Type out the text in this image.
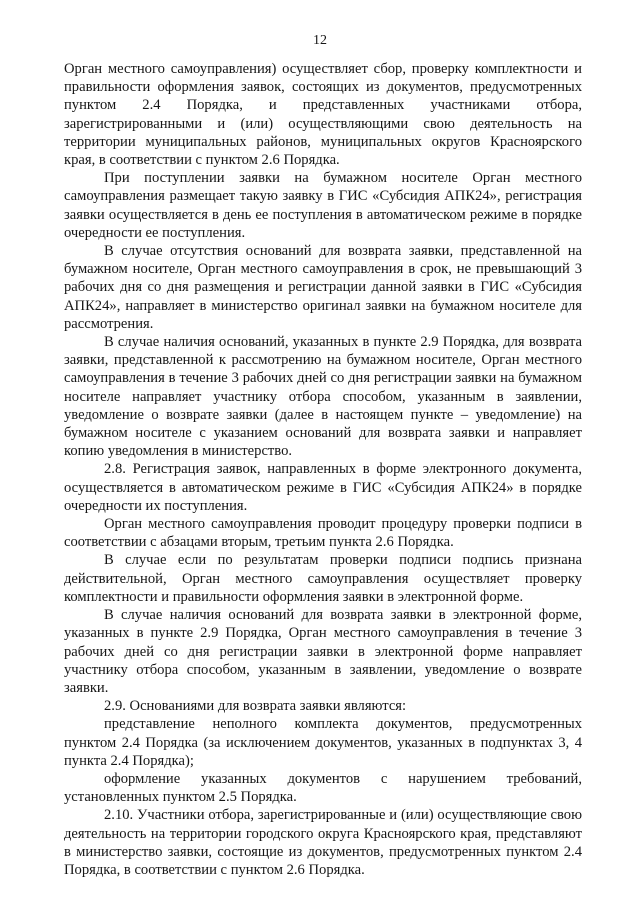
12

Орган местного самоуправления) осуществляет сбор, проверку комплектности и правильности оформления заявок, состоящих из документов, предусмотренных пунктом 2.4 Порядка, и представленных участниками отбора, зарегистрированными и (или) осуществляющими свою деятельность на территории муниципальных районов, муниципальных округов Красноярского края, в соответствии с пунктом 2.6 Порядка.

При поступлении заявки на бумажном носителе Орган местного самоуправления размещает такую заявку в ГИС «Субсидия АПК24», регистрация заявки осуществляется в день ее поступления в автоматическом режиме в порядке очередности ее поступления.

В случае отсутствия оснований для возврата заявки, представленной на бумажном носителе, Орган местного самоуправления в срок, не превышающий 3 рабочих дня со дня размещения и регистрации данной заявки в ГИС «Субсидия АПК24», направляет в министерство оригинал заявки на бумажном носителе для рассмотрения.

В случае наличия оснований, указанных в пункте 2.9 Порядка, для возврата заявки, представленной к рассмотрению на бумажном носителе, Орган местного самоуправления в течение 3 рабочих дней со дня регистрации заявки на бумажном носителе направляет участнику отбора способом, указанным в заявлении, уведомление о возврате заявки (далее в настоящем пункте – уведомление) на бумажном носителе с указанием оснований для возврата заявки и направляет копию уведомления в министерство.

2.8. Регистрация заявок, направленных в форме электронного документа, осуществляется в автоматическом режиме в ГИС «Субсидия АПК24» в порядке очередности их поступления.

Орган местного самоуправления проводит процедуру проверки подписи в соответствии с абзацами вторым, третьим пункта 2.6 Порядка.

В случае если по результатам проверки подписи подпись признана действительной, Орган местного самоуправления осуществляет проверку комплектности и правильности оформления заявки в электронной форме.

В случае наличия оснований для возврата заявки в электронной форме, указанных в пункте 2.9 Порядка, Орган местного самоуправления в течение 3 рабочих дней со дня регистрации заявки в электронной форме направляет участнику отбора способом, указанным в заявлении, уведомление о возврате заявки.

2.9. Основаниями для возврата заявки являются:

представление неполного комплекта документов, предусмотренных пунктом 2.4 Порядка (за исключением документов, указанных в подпунктах 3, 4 пункта 2.4 Порядка);

оформление указанных документов с нарушением требований, установленных пунктом 2.5 Порядка.

2.10. Участники отбора, зарегистрированные и (или) осуществляющие свою деятельность на территории городского округа Красноярского края, представляют в министерство заявки, состоящие из документов, предусмотренных пунктом 2.4 Порядка, в соответствии с пунктом 2.6 Порядка.
